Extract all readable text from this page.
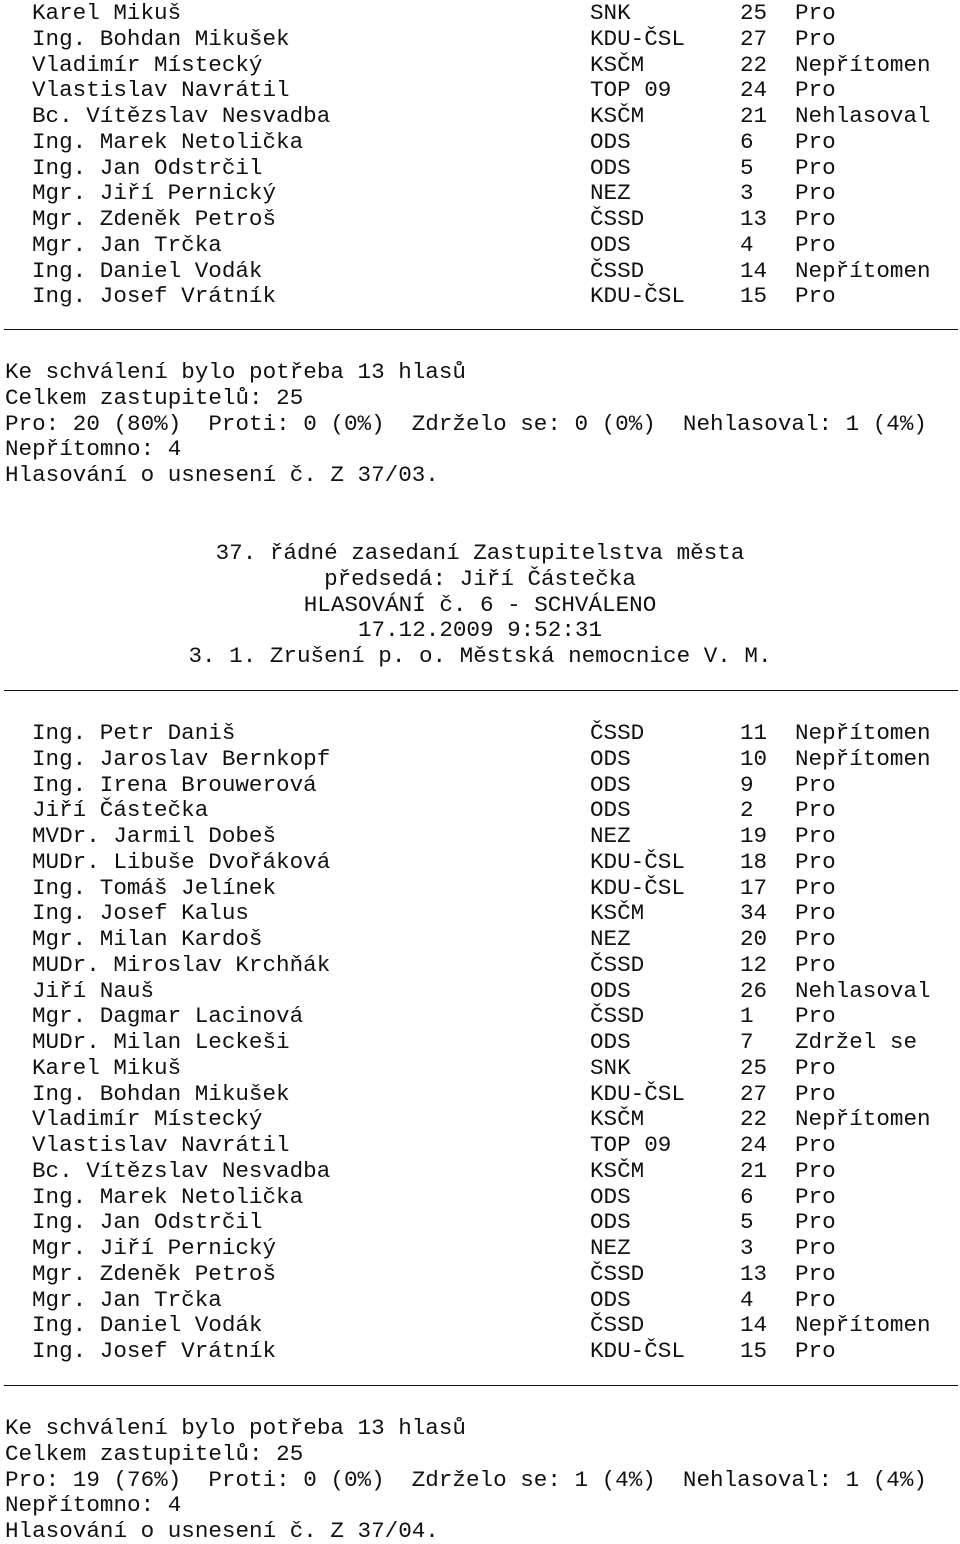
Karel Mikuš	SNK	25 Pro
Ing. Bohdan Mikušek	KDU-ČSL 27 Pro
Vladimír Místecký	KSČM	22 Nepřítomen
Vlastislav Navrátil	TOP 09	24 Pro
Bc. Vítězslav Nesvadba	KSČM	21 Nehlasoval
Ing. Marek Netolička	ODS	6 Pro
Ing. Jan Odstrčil	ODS	5 Pro
Mgr. Jiří Pernický	NEZ	3 Pro
Mgr. Zdeněk Petroš	ČSSD	13 Pro
Mgr. Jan Trčka	ODS	4 Pro
Ing. Daniel Vodák	ČSSD	14 Nepřítomen
Ing. Josef Vrátník	KDU-ČSL 15 Pro
Ke schválení bylo potřeba 13 hlasů
Celkem zastupitelů: 25
Pro: 20 (80%)  Proti: 0 (0%)  Zdrželo se: 0 (0%)  Nehlasoval: 1 (4%)
Nepřítomno: 4
Hlasování o usnesení č. Z 37/03.
37. řádné zasedaní Zastupitelstva města
předsedá: Jiří Částečka
HLASOVÁNÍ č. 6 - SCHVÁLENO
17.12.2009 9:52:31
3. 1. Zrušení p. o. Městská nemocnice V. M.
Ing. Petr Daniš	ČSSD	11 Nepřítomen
Ing. Jaroslav Bernkopf	ODS	10 Nepřítomen
Ing. Irena Brouwerová	ODS	9 Pro
Jiří Částečka	ODS	2 Pro
MVDr. Jarmil Dobeš	NEZ	19 Pro
MUDr. Libuše Dvořáková	KDU-ČSL 18 Pro
Ing. Tomáš Jelínek	KDU-ČSL 17 Pro
Ing. Josef Kalus	KSČM	34 Pro
Mgr. Milan Kardoš	NEZ	20 Pro
MUDr. Miroslav Krchňák	ČSSD	12 Pro
Jiří Nauš	ODS	26 Nehlasoval
Mgr. Dagmar Lacinová	ČSSD	1 Pro
MUDr. Milan Leckeši	ODS	7 Zdržel se
Karel Mikuš	SNK	25 Pro
Ing. Bohdan Mikušek	KDU-ČSL 27 Pro
Vladimír Místecký	KSČM	22 Nepřítomen
Vlastislav Navrátil	TOP 09	24 Pro
Bc. Vítězslav Nesvadba	KSČM	21 Pro
Ing. Marek Netolička	ODS	6 Pro
Ing. Jan Odstrčil	ODS	5 Pro
Mgr. Jiří Pernický	NEZ	3 Pro
Mgr. Zdeněk Petroš	ČSSD	13 Pro
Mgr. Jan Trčka	ODS	4 Pro
Ing. Daniel Vodák	ČSSD	14 Nepřítomen
Ing. Josef Vrátník	KDU-ČSL 15 Pro
Ke schválení bylo potřeba 13 hlasů
Celkem zastupitelů: 25
Pro: 19 (76%)  Proti: 0 (0%)  Zdrželo se: 1 (4%)  Nehlasoval: 1 (4%)
Nepřítomno: 4
Hlasování o usnesení č. Z 37/04.
